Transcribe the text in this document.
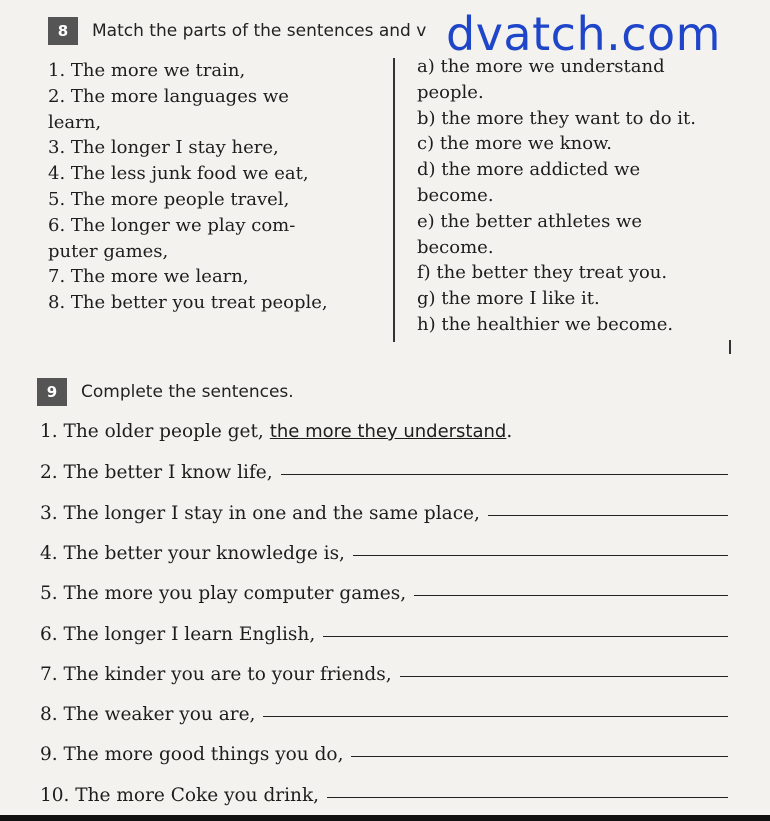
8	Match the parts of the sentences and v dvatch.com
1. The more we train,
2. The more languages we
learn,
3. The longer I stay here,
4. The less junk food we eat,
5. The more people travel,
6. The longer we play com-
puter games,
7. The more we learn,
8. The better you treat people,
a) the more we understand
people.
b) the more they want to do it.
c) the more we know.
d) the more addicted we
become.
e) the better athletes we
become.
f) the better they treat you.
g) the more I like it.
h) the healthier we become.
9	Complete the sentences.
1. The older people get, the more they understand .
2. The better I know life,
3. The longer I stay in one and the same place,
4. The better your knowledge is,
5. The more you play computer games,
6. The longer I learn English,
7. The kinder you are to your friends,
8. The weaker you are,
9. The more good things you do,
10. The more Coke you drink,
